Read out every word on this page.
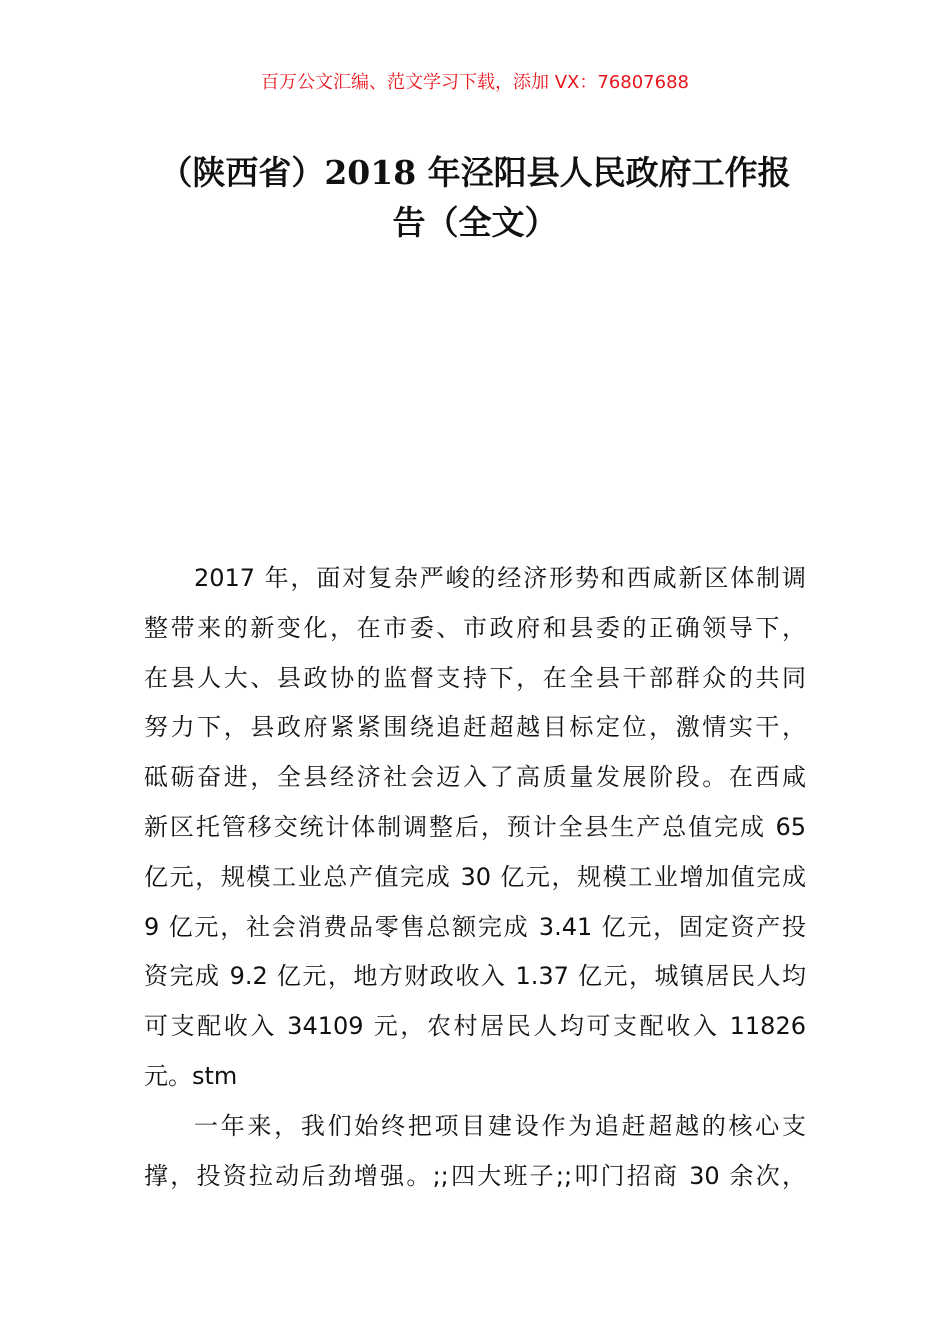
百万公文汇编、范文学习下载，添加 VX：76807688
（陕西省）2018 年泾阳县人民政府工作报
告（全文）
2017 年，面对复杂严峻的经济形势和西咸新区体制调
整带来的新变化，在市委、市政府和县委的正确领导下，
在县人大、县政协的监督支持下，在全县干部群众的共同
努力下，县政府紧紧围绕追赶超越目标定位，激情实干，
砥砺奋进，全县经济社会迈入了高质量发展阶段。在西咸
新区托管移交统计体制调整后，预计全县生产总值完成 65
亿元，规模工业总产值完成 30 亿元，规模工业增加值完成
9 亿元，社会消费品零售总额完成 3.41 亿元，固定资产投
资完成 9.2 亿元，地方财政收入 1.37 亿元，城镇居民人均
可支配收入 34109 元，农村居民人均可支配收入 11826
元。stm
一年来，我们始终把项目建设作为追赶超越的核心支
撑，投资拉动后劲增强。;;四大班子;;叩门招商 30 余次，
